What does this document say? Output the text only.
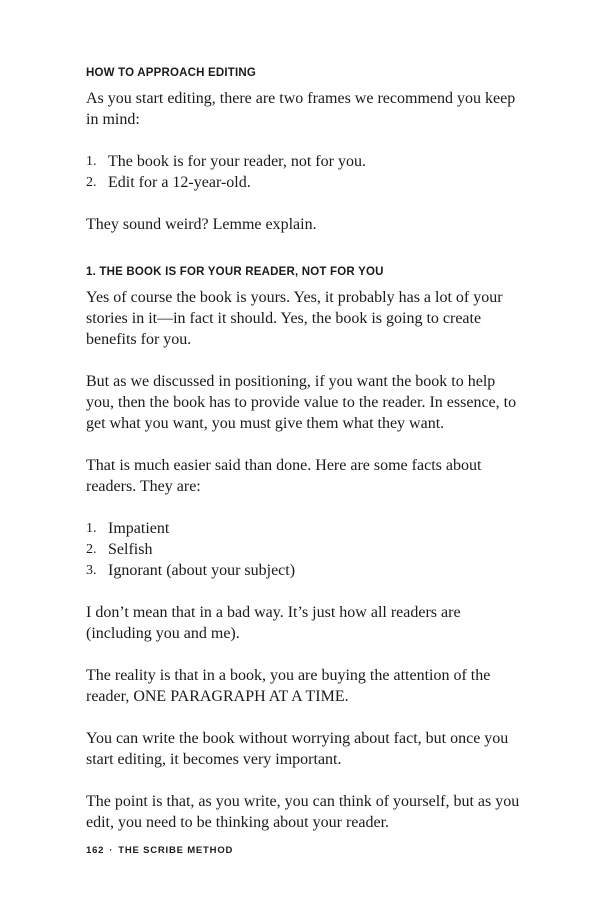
HOW TO APPROACH EDITING

As you start editing, there are two frames we recommend you keep in mind:

1. The book is for your reader, not for you.
2. Edit for a 12-year-old.

They sound weird? Lemme explain.

1. THE BOOK IS FOR YOUR READER, NOT FOR YOU

Yes of course the book is yours. Yes, it probably has a lot of your stories in it—in fact it should. Yes, the book is going to create benefits for you.

But as we discussed in positioning, if you want the book to help you, then the book has to provide value to the reader. In essence, to get what you want, you must give them what they want.

That is much easier said than done. Here are some facts about readers. They are:

1. Impatient
2. Selfish
3. Ignorant (about your subject)

I don’t mean that in a bad way. It’s just how all readers are (including you and me).

The reality is that in a book, you are buying the attention of the reader, ONE PARAGRAPH AT A TIME.

You can write the book without worrying about fact, but once you start editing, it becomes very important.

The point is that, as you write, you can think of yourself, but as you edit, you need to be thinking about your reader.

162 · THE SCRIBE METHOD
